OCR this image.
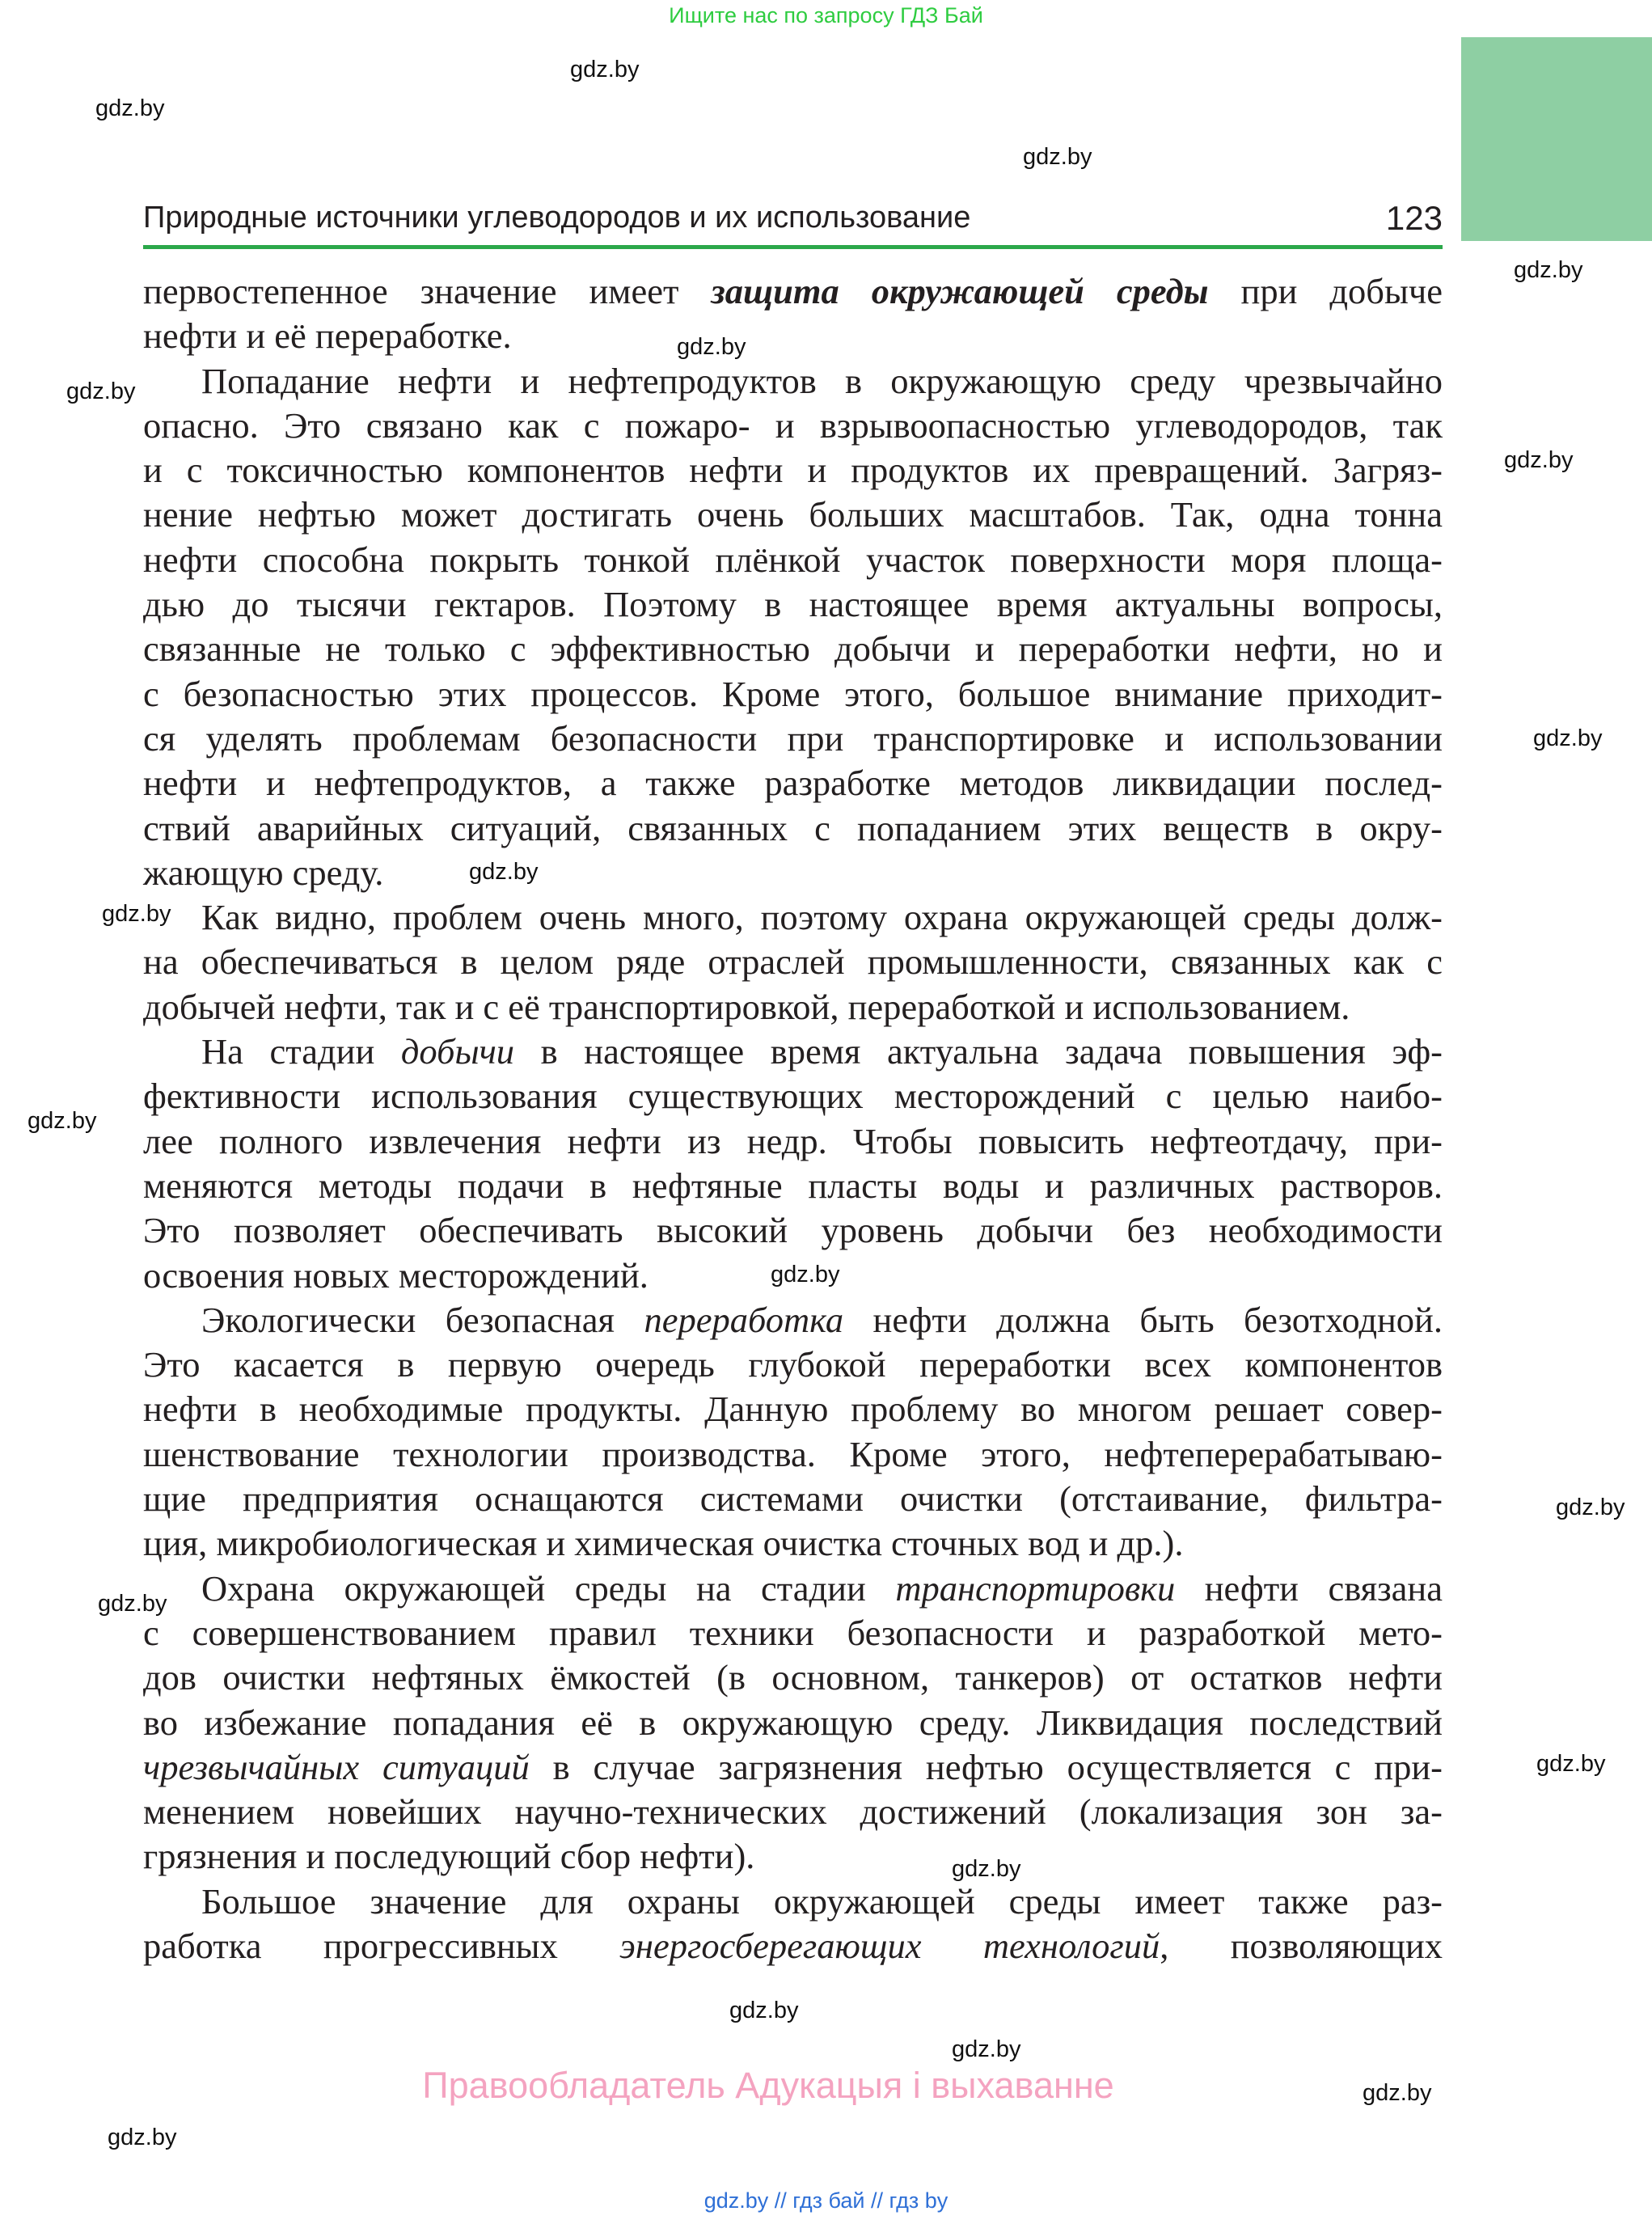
Ищите нас по запросу ГДЗ Бай
Природные источники углеводородов и их использование	123
первостепенное значение имеет защита окружающей среды при добыче
нефти и её переработке.
Попадание нефти и нефтепродуктов в окружающую среду чрезвычайно
опасно. Это связано как с пожаро- и взрывоопасностью углеводородов, так
и с токсичностью компонентов нефти и продуктов их превращений. Загряз-
нение нефтью может достигать очень больших масштабов. Так, одна тонна
нефти способна покрыть тонкой плёнкой участок поверхности моря площа-
дью до тысячи гектаров. Поэтому в настоящее время актуальны вопросы,
связанные не только с эффективностью добычи и переработки нефти, но и
с безопасностью этих процессов. Кроме этого, большое внимание приходит-
ся уделять проблемам безопасности при транспортировке и использовании
нефти и нефтепродуктов, а также разработке методов ликвидации послед-
ствий аварийных ситуаций, связанных с попаданием этих веществ в окру-
жающую среду.
Как видно, проблем очень много, поэтому охрана окружающей среды долж-
на обеспечиваться в целом ряде отраслей промышленности, связанных как с
добычей нефти, так и с её транспортировкой, переработкой и использованием.
На стадии добычи в настоящее время актуальна задача повышения эф-
фективности использования существующих месторождений с целью наибо-
лее полного извлечения нефти из недр. Чтобы повысить нефтеотдачу, при-
меняются методы подачи в нефтяные пласты воды и различных растворов.
Это позволяет обеспечивать высокий уровень добычи без необходимости
освоения новых месторождений.
Экологически безопасная переработка нефти должна быть безотходной.
Это касается в первую очередь глубокой переработки всех компонентов
нефти в необходимые продукты. Данную проблему во многом решает совер-
шенствование технологии производства. Кроме этого, нефтеперерабатываю-
щие предприятия оснащаются системами очистки (отстаивание, фильтра-
ция, микробиологическая и химическая очистка сточных вод и др.).
Охрана окружающей среды на стадии транспортировки нефти связана
с совершенствованием правил техники безопасности и разработкой мето-
дов очистки нефтяных ёмкостей (в основном, танкеров) от остатков нефти
во избежание попадания её в окружающую среду. Ликвидация последствий
чрезвычайных ситуаций в случае загрязнения нефтью осуществляется с при-
менением новейших научно-технических достижений (локализация зон за-
грязнения и последующий сбор нефти).
Большое значение для охраны окружающей среды имеет также раз-
работка прогрессивных энергосберегающих технологий, позволяющих
gdz.by
gdz.by
gdz.by
gdz.by
gdz.by
gdz.by
gdz.by
gdz.by
gdz.by
gdz.by
gdz.by
gdz.by
gdz.by
gdz.by
gdz.by
gdz.by
gdz.by
gdz.by
gdz.by
gdz.by
Правообладатель Адукацыя і выхаванне
gdz.by // гдз бай // гдз by
